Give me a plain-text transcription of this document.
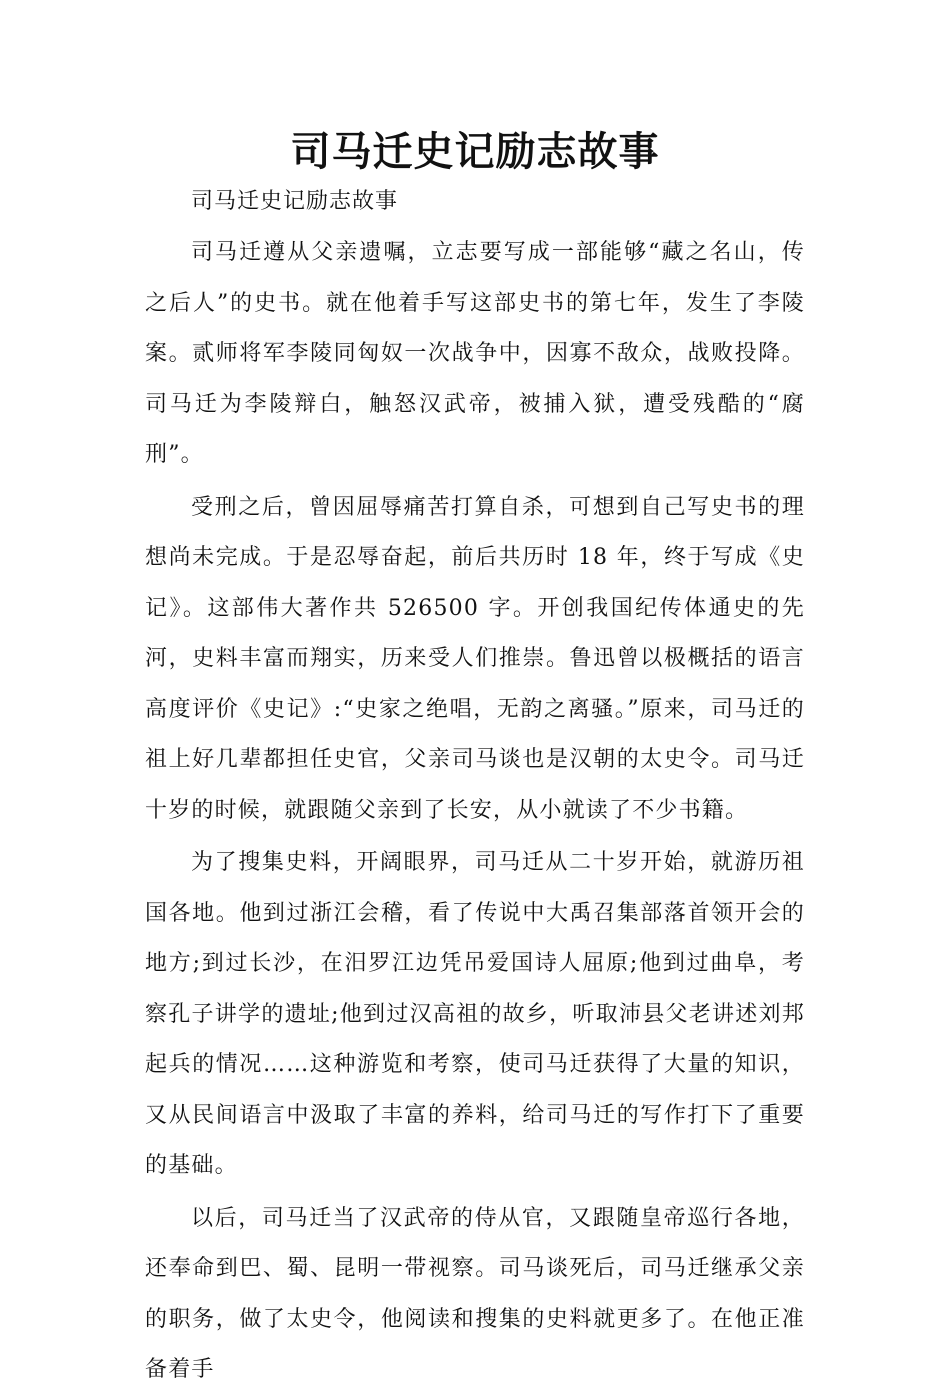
司马迁史记励志故事

司马迁史记励志故事

司马迁遵从父亲遗嘱，立志要写成一部能够“藏之名山，传之后人”的史书。就在他着手写这部史书的第七年，发生了李陵案。贰师将军李陵同匈奴一次战争中，因寡不敌众，战败投降。司马迁为李陵辩白，触怒汉武帝，被捕入狱，遭受残酷的“腐刑”。

受刑之后，曾因屈辱痛苦打算自杀，可想到自己写史书的理想尚未完成。于是忍辱奋起，前后共历时 18 年，终于写成《史记》。这部伟大著作共 526500 字。开创我国纪传体通史的先河，史料丰富而翔实，历来受人们推崇。鲁迅曾以极概括的语言高度评价《史记》:“史家之绝唱，无韵之离骚。”原来，司马迁的祖上好几辈都担任史官，父亲司马谈也是汉朝的太史令。司马迁十岁的时候，就跟随父亲到了长安，从小就读了不少书籍。

为了搜集史料，开阔眼界，司马迁从二十岁开始，就游历祖国各地。他到过浙江会稽，看了传说中大禹召集部落首领开会的地方;到过长沙，在汨罗江边凭吊爱国诗人屈原;他到过曲阜，考察孔子讲学的遗址;他到过汉高祖的故乡，听取沛县父老讲述刘邦起兵的情况……这种游览和考察，使司马迁获得了大量的知识，又从民间语言中汲取了丰富的养料，给司马迁的写作打下了重要的基础。

以后，司马迁当了汉武帝的侍从官，又跟随皇帝巡行各地，还奉命到巴、蜀、昆明一带视察。司马谈死后，司马迁继承父亲的职务，做了太史令，他阅读和搜集的史料就更多了。在他正准备着手
